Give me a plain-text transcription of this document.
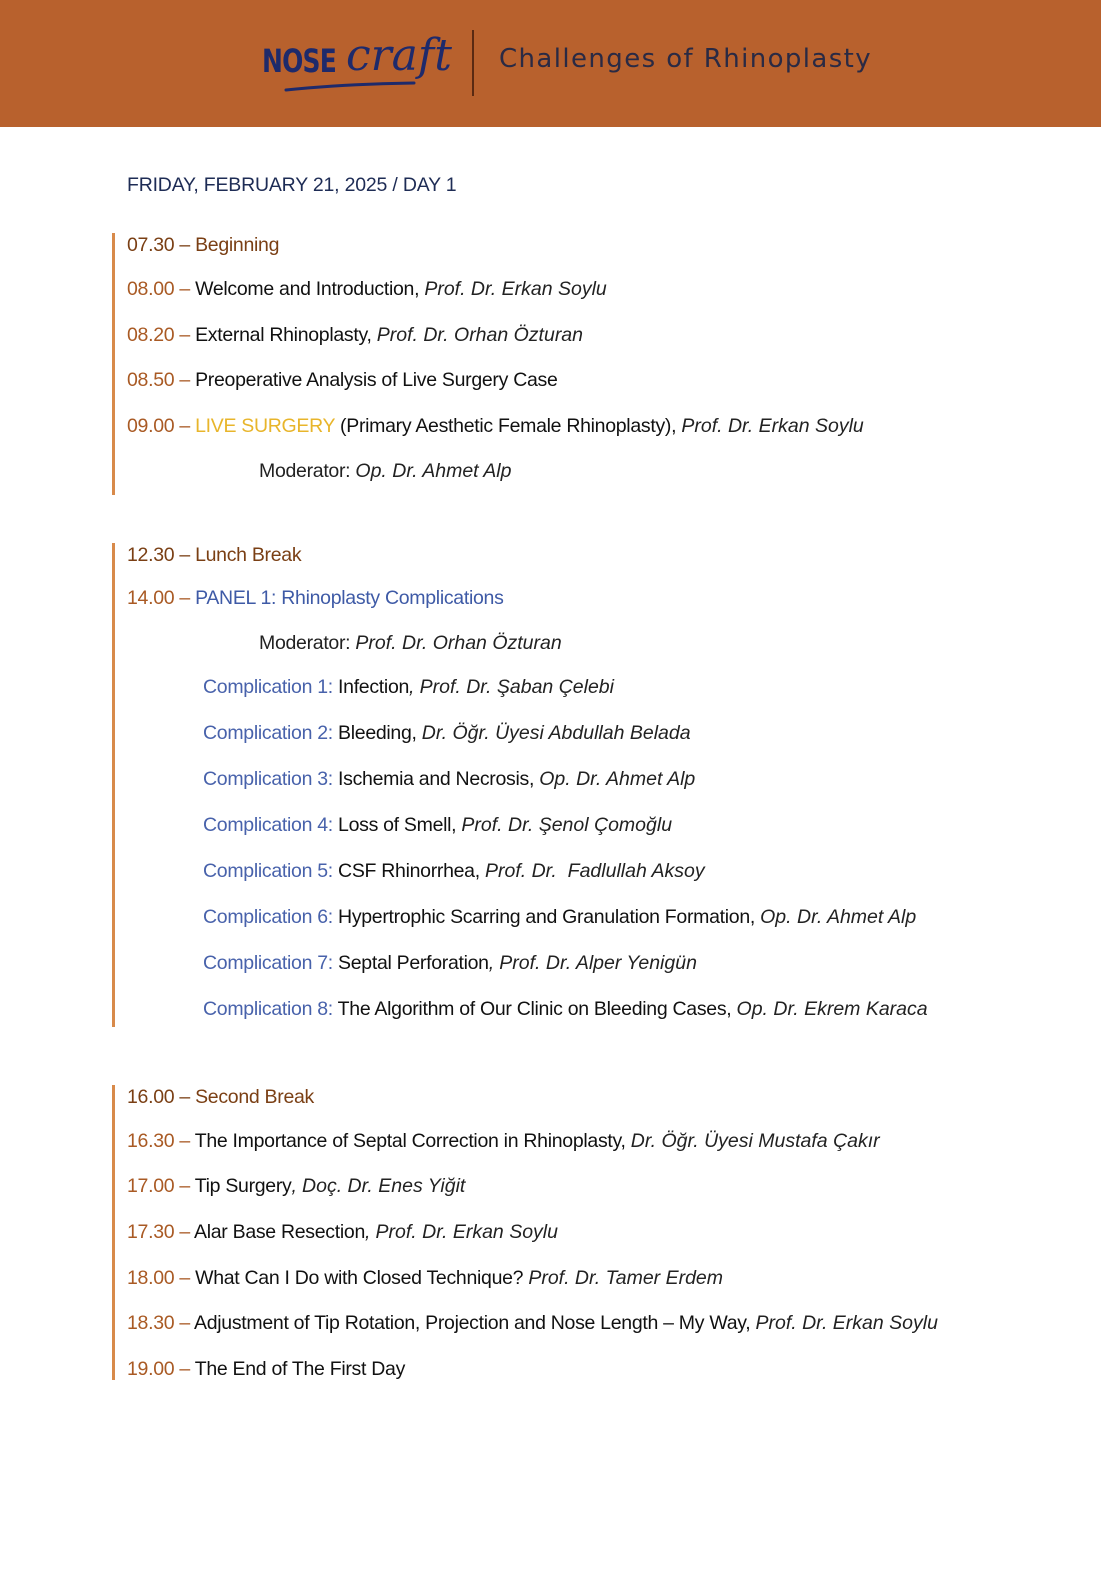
NOSE craft Challenges of Rhinoplasty
FRIDAY, FEBRUARY 21, 2025 / DAY 1
07.30 – Beginning
08.00 – Welcome and Introduction, Prof. Dr. Erkan Soylu
08.20 – External Rhinoplasty, Prof. Dr. Orhan Özturan
08.50 – Preoperative Analysis of Live Surgery Case
09.00 – LIVE SURGERY (Primary Aesthetic Female Rhinoplasty), Prof. Dr. Erkan Soylu
Moderator: Op. Dr. Ahmet Alp
12.30 – Lunch Break
14.00 – PANEL 1: Rhinoplasty Complications
Moderator: Prof. Dr. Orhan Özturan
Complication 1: Infection, Prof. Dr. Şaban Çelebi
Complication 2: Bleeding, Dr. Öğr. Üyesi Abdullah Belada
Complication 3: Ischemia and Necrosis, Op. Dr. Ahmet Alp
Complication 4: Loss of Smell, Prof. Dr. Şenol Çomoğlu
Complication 5: CSF Rhinorrhea, Prof. Dr.  Fadlullah Aksoy
Complication 6: Hypertrophic Scarring and Granulation Formation, Op. Dr. Ahmet Alp
Complication 7: Septal Perforation, Prof. Dr. Alper Yenigün
Complication 8: The Algorithm of Our Clinic on Bleeding Cases, Op. Dr. Ekrem Karaca
16.00 – Second Break
16.30 – The Importance of Septal Correction in Rhinoplasty, Dr. Öğr. Üyesi Mustafa Çakır
17.00 – Tip Surgery, Doç. Dr. Enes Yiğit
17.30 – Alar Base Resection, Prof. Dr. Erkan Soylu
18.00 – What Can I Do with Closed Technique? Prof. Dr. Tamer Erdem
18.30 – Adjustment of Tip Rotation, Projection and Nose Length – My Way, Prof. Dr. Erkan Soylu
19.00 – The End of The First Day
